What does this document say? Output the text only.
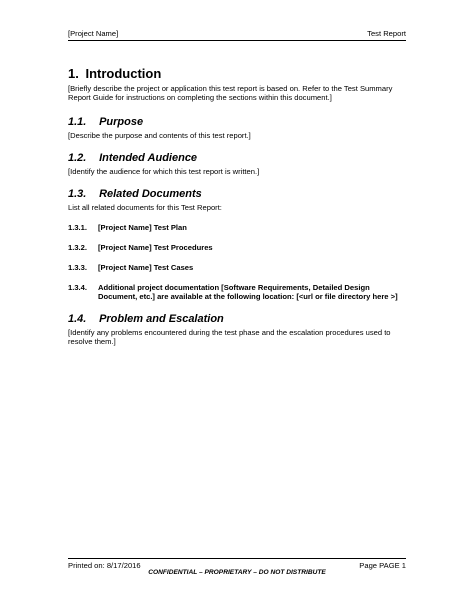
[Project Name]	Test Report
1. Introduction

[Briefly describe the project or application this test report is based on. Refer to the Test Summary Report Guide for instructions on completing the sections within this document.]

1.1. Purpose

[Describe the purpose and contents of this test report.]

1.2. Intended Audience

[Identify the audience for which this test report is written.]

1.3. Related Documents

List all related documents for this Test Report:

1.3.1.	[Project Name] Test Plan
1.3.2.	[Project Name] Test Procedures
1.3.3.	[Project Name] Test Cases
1.3.4.	Additional project documentation [Software Requirements, Detailed Design Document, etc.] are available at the following location: [<url or file directory here >]
1.4. Problem and Escalation

[Identify any problems encountered during the test phase and the escalation procedures used to resolve them.]

Printed on: 8/17/2016	Page PAGE 1
CONFIDENTIAL – PROPRIETARY – DO NOT DISTRIBUTE
